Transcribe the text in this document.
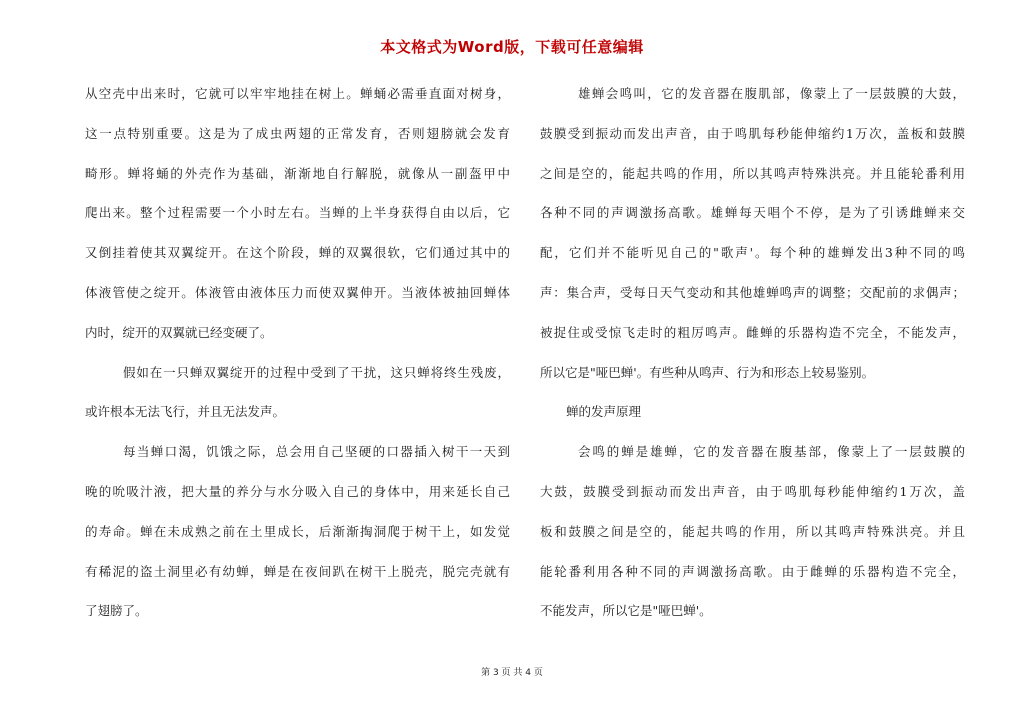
本文格式为Word版，下载可任意编辑
从空壳中出来时，它就可以牢牢地挂在树上。蝉蛹必需垂直面对树身，
这一点特别重要。这是为了成虫两翅的正常发育，否则翅膀就会发育
畸形。蝉将蛹的外壳作为基础，渐渐地自行解脱，就像从一副盔甲中
爬出来。整个过程需要一个小时左右。当蝉的上半身获得自由以后，它
又倒挂着使其双翼绽开。在这个阶段，蝉的双翼很软，它们通过其中的
体液管使之绽开。体液管由液体压力而使双翼伸开。当液体被抽回蝉体
内时，绽开的双翼就已经变硬了。
假如在一只蝉双翼绽开的过程中受到了干扰，这只蝉将终生残废，
或许根本无法飞行，并且无法发声。
每当蝉口渴，饥饿之际，总会用自己坚硬的口器插入树干一天到
晚的吮吸汁液，把大量的养分与水分吸入自己的身体中，用来延长自己
的寿命。蝉在未成熟之前在土里成长，后渐渐掏洞爬于树干上，如发觉
有稀泥的盗土洞里必有幼蝉，蝉是在夜间趴在树干上脱壳，脱完壳就有
了翅膀了。
雄蝉会鸣叫，它的发音器在腹肌部，像蒙上了一层鼓膜的大鼓，
鼓膜受到振动而发出声音，由于鸣肌每秒能伸缩约1万次，盖板和鼓膜
之间是空的，能起共鸣的作用，所以其鸣声特殊洪亮。并且能轮番利用
各种不同的声调激扬高歌。雄蝉每天唱个不停，是为了引诱雌蝉来交
配，它们并不能听见自己的"歌声'。每个种的雄蝉发出3种不同的鸣
声：集合声，受每日天气变动和其他雄蝉鸣声的调整；交配前的求偶声；
被捉住或受惊飞走时的粗厉鸣声。雌蝉的乐器构造不完全，不能发声，
所以它是"哑巴蝉'。有些种从鸣声、行为和形态上较易鉴别。
蝉的发声原理
会鸣的蝉是雄蝉，它的发音器在腹基部，像蒙上了一层鼓膜的
大鼓，鼓膜受到振动而发出声音，由于鸣肌每秒能伸缩约1万次，盖
板和鼓膜之间是空的，能起共鸣的作用，所以其鸣声特殊洪亮。并且
能轮番利用各种不同的声调激扬高歌。由于雌蝉的乐器构造不完全，
不能发声，所以它是"哑巴蝉'。
第 3 页 共 4 页
